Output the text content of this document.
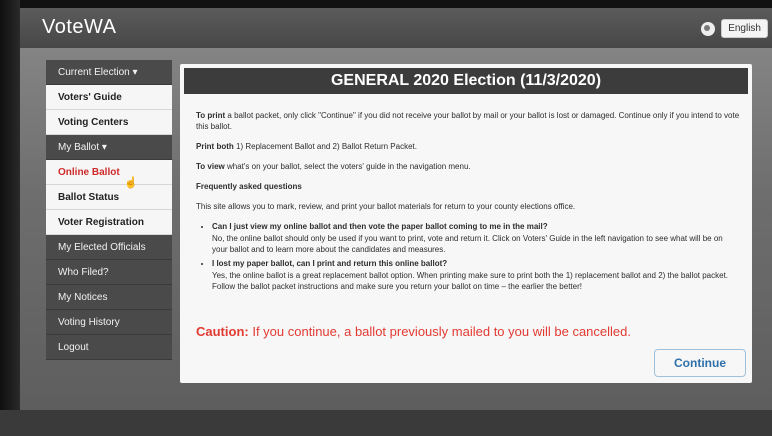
VoteWA	English
Current Election ▾
Voters' Guide
Voting Centers
My Ballot ▾
Online Ballot
Ballot Status
Voter Registration
My Elected Officials
Who Filed?
My Notices
Voting History
Logout
☝
GENERAL 2020 Election (11/3/2020)

To print a ballot packet, only click "Continue" if you did not receive your ballot by mail or your ballot is lost or damaged. Continue only if you intend to vote this ballot.

Print both 1) Replacement Ballot and 2) Ballot Return Packet.

To view what's on your ballot, select the voters' guide in the navigation menu.

Frequently asked questions

This site allows you to mark, review, and print your ballot materials for return to your county elections office.

• Can I just view my online ballot and then vote the paper ballot coming to me in the mail?
No, the online ballot should only be used if you want to print, vote and return it. Click on Voters' Guide in the left navigation to see what will be on your ballot and to learn more about the candidates and measures.
• I lost my paper ballot, can I print and return this online ballot?
Yes, the online ballot is a great replacement ballot option. When printing make sure to print both the 1) replacement ballot and 2) the ballot packet. Follow the ballot packet instructions and make sure you return your ballot on time – the earlier the better!
Caution: If you continue, a ballot previously mailed to you will be cancelled.
Continue
